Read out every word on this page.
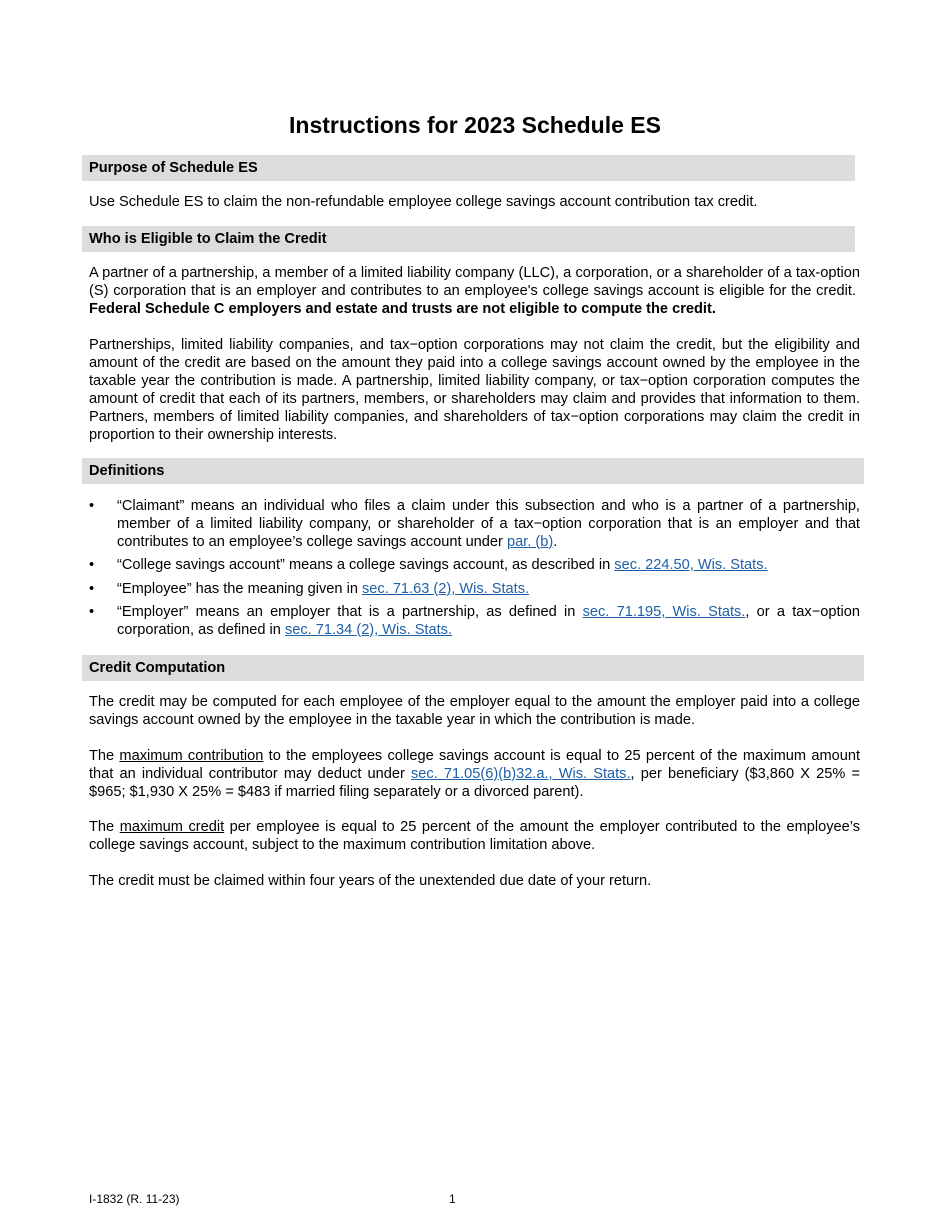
Instructions for 2023 Schedule ES
Purpose of Schedule ES

Use Schedule ES to claim the non-refundable employee college savings account contribution tax credit.

Who is Eligible to Claim the Credit

A partner of a partnership, a member of a limited liability company (LLC), a corporation, or a shareholder of a tax-option (S) corporation that is an employer and contributes to an employee's college savings account is eligible for the credit.  Federal Schedule C employers and estate and trusts are not eligible to compute the credit.

Partnerships, limited liability companies, and tax−option corporations may not claim the credit, but the eligibility and amount of the credit are based on the amount they paid into a college savings account owned by the employee in the taxable year the contribution is made. A partnership, limited liability company, or tax−option corporation computes the amount of credit that each of its partners, members, or shareholders may claim and provides that information to them. Partners, members of limited liability companies, and shareholders of tax−option corporations may claim the credit in proportion to their ownership interests.

Definitions
• “Claimant” means an individual who files a claim under this subsection and who is a partner of a partnership, member of a limited liability company, or shareholder of a tax−option corporation that is an employer and that contributes to an employee’s college savings account under par. (b).
• “College savings account” means a college savings account, as described in sec. 224.50, Wis. Stats.
• “Employee” has the meaning given in sec. 71.63 (2), Wis. Stats.
• “Employer” means an employer that is a partnership, as defined in sec. 71.195, Wis. Stats., or a tax−option corporation, as defined in sec. 71.34 (2), Wis. Stats.
Credit Computation

The credit may be computed for each employee of the employer equal to the amount the employer paid into a college savings account owned by the employee in the taxable year in which the contribution is made.

The maximum contribution to the employees college savings account is equal to 25 percent of the maximum amount that an individual contributor may deduct under sec. 71.05(6)(b)32.a., Wis. Stats., per beneficiary ($3,860 X 25% = $965; $1,930 X 25% = $483 if married filing separately or a divorced parent).

The maximum credit per employee is equal to 25 percent of the amount the employer contributed to the employee’s college savings account, subject to the maximum contribution limitation above.

The credit must be claimed within four years of the unextended due date of your return.

I-1832 (R. 11-23)	1
